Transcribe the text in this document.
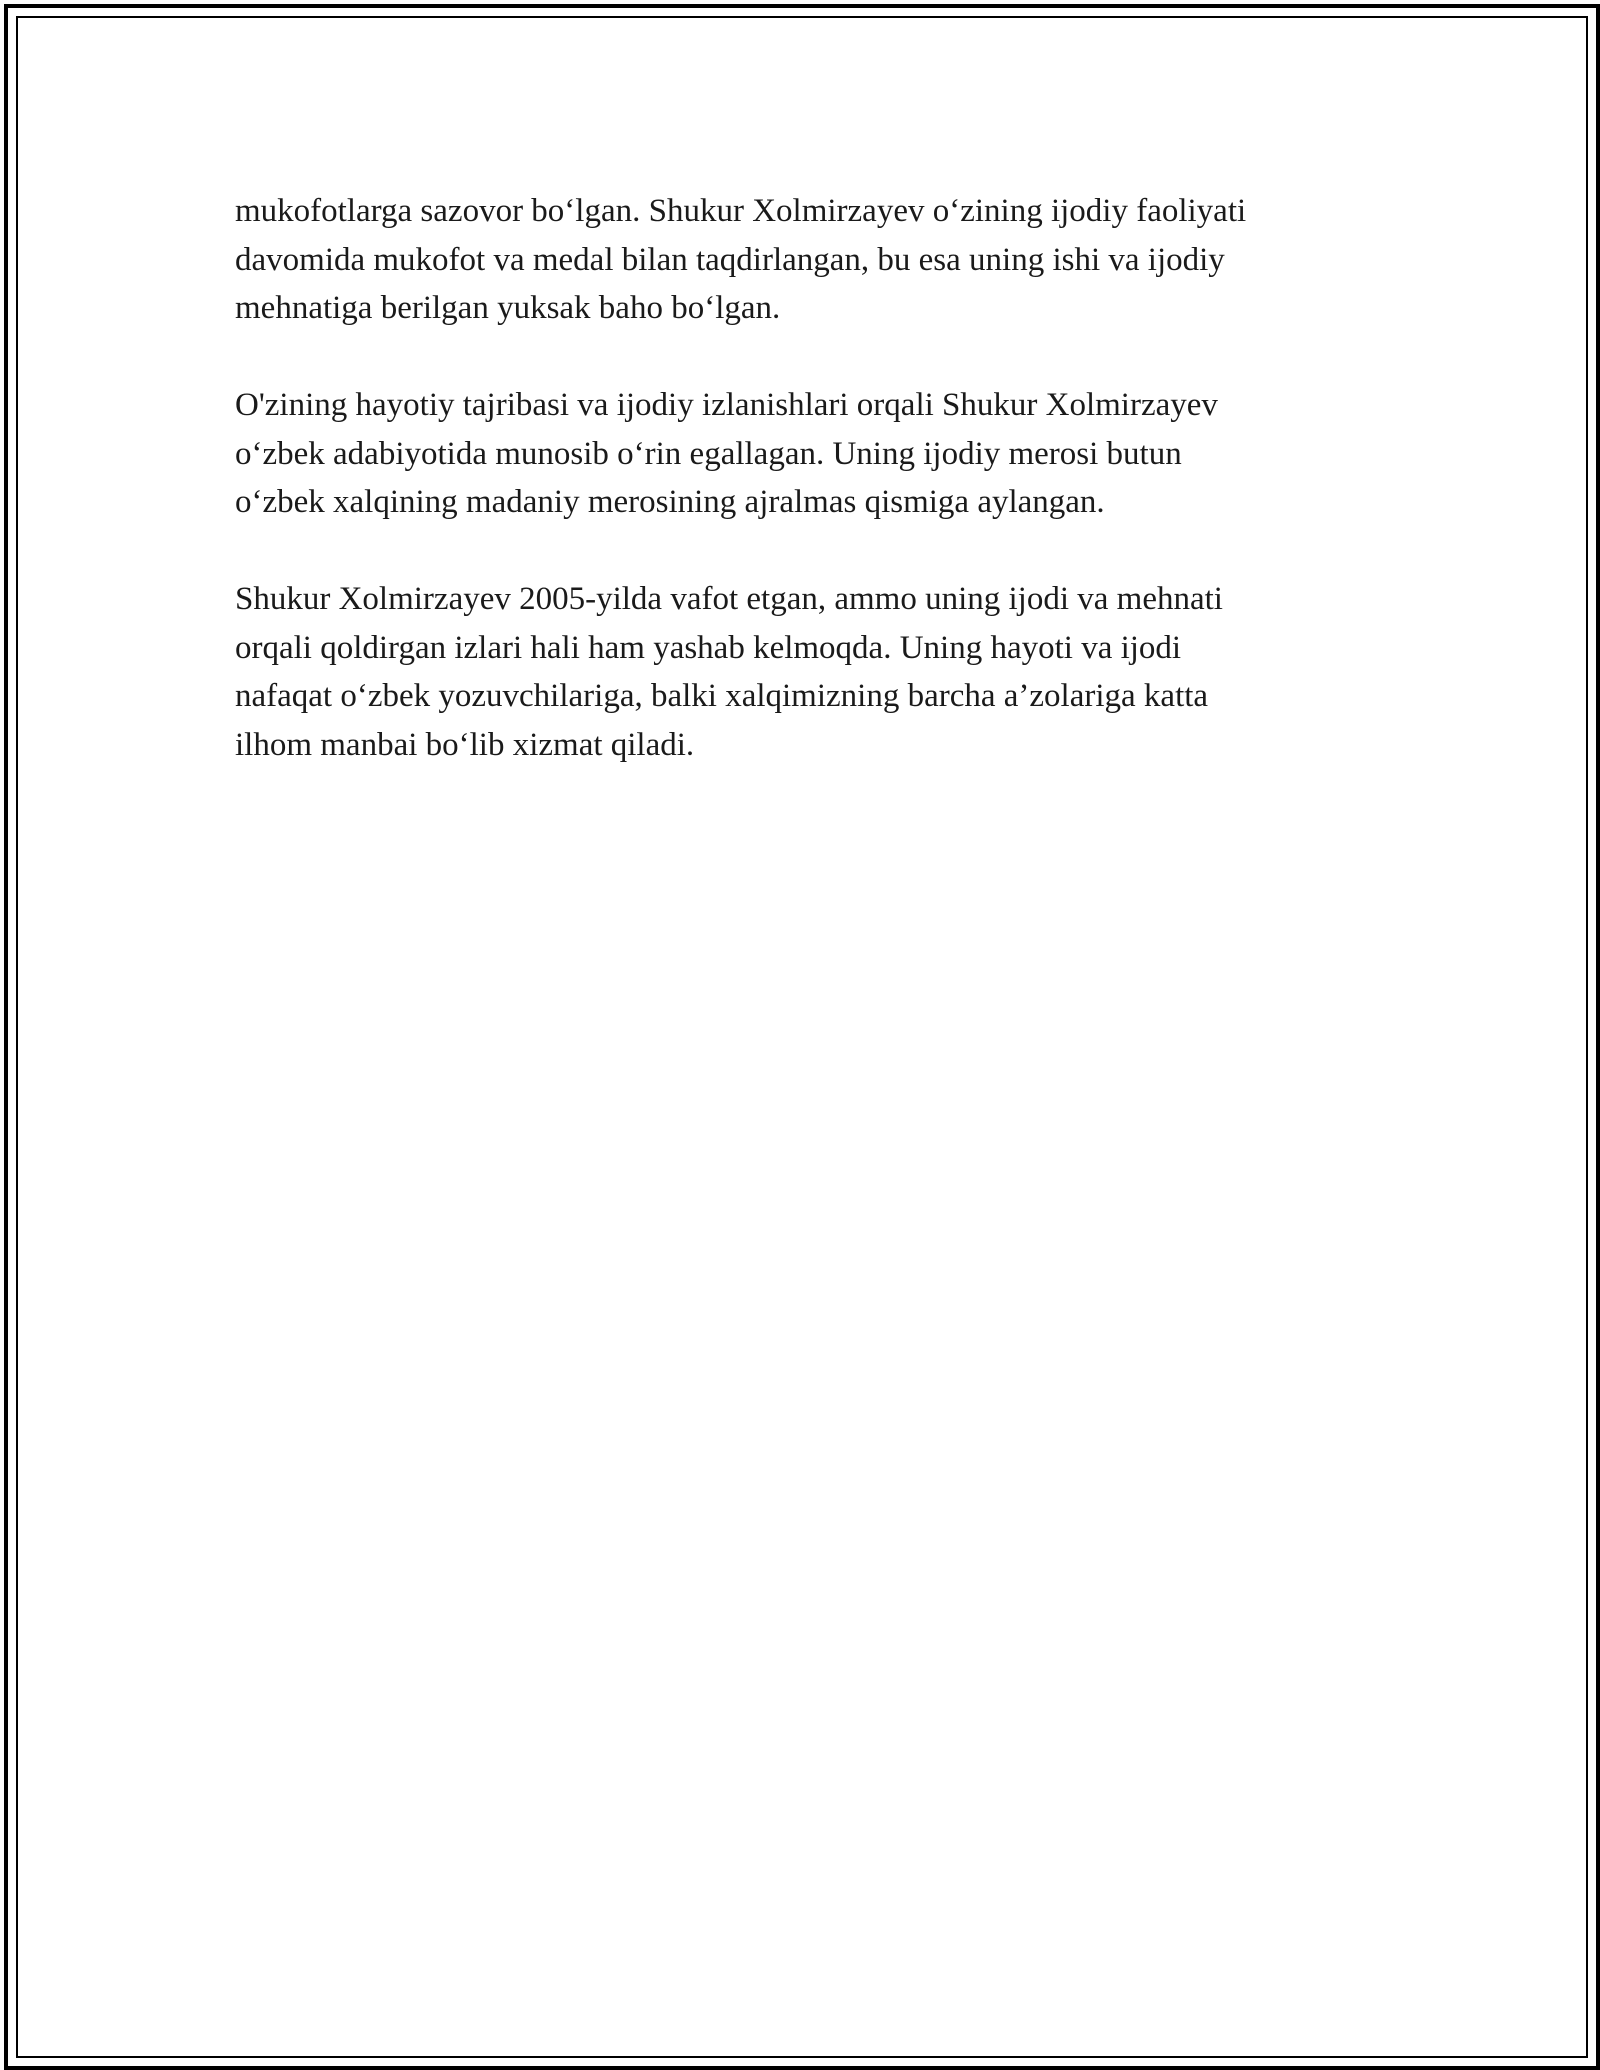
mukofotlarga sazovor bo‘lgan. Shukur Xolmirzayev o‘zining ijodiy faoliyati
davomida mukofot va medal bilan taqdirlangan, bu esa uning ishi va ijodiy
mehnatiga berilgan yuksak baho bo‘lgan.

O'zining hayotiy tajribasi va ijodiy izlanishlari orqali Shukur Xolmirzayev
o‘zbek adabiyotida munosib o‘rin egallagan. Uning ijodiy merosi butun
o‘zbek xalqining madaniy merosining ajralmas qismiga aylangan.

Shukur Xolmirzayev 2005-yilda vafot etgan, ammo uning ijodi va mehnati
orqali qoldirgan izlari hali ham yashab kelmoqda. Uning hayoti va ijodi
nafaqat o‘zbek yozuvchilariga, balki xalqimizning barcha a’zolariga katta
ilhom manbai bo‘lib xizmat qiladi.
